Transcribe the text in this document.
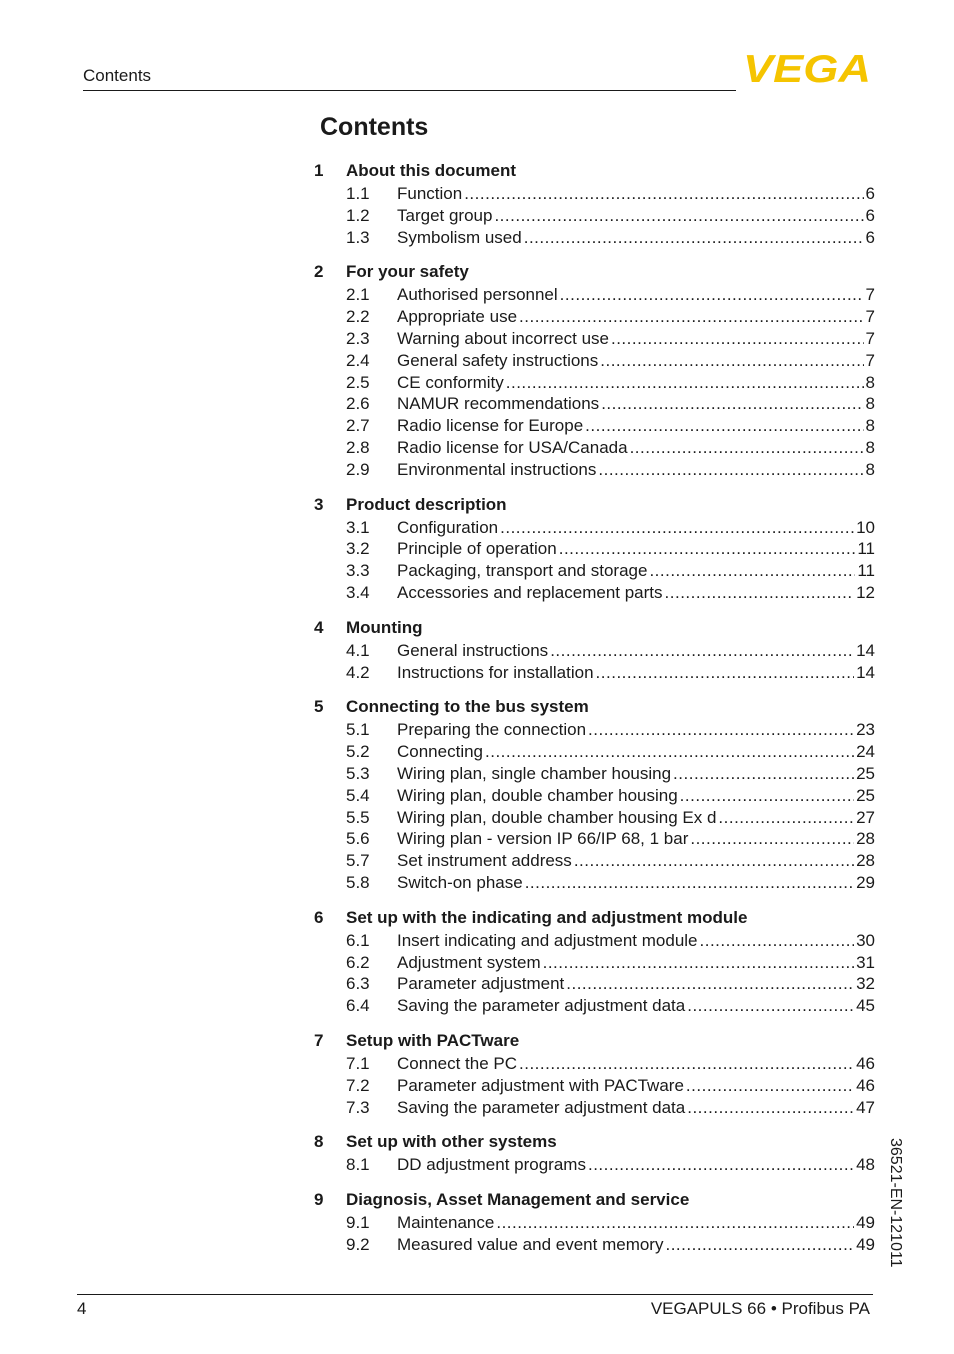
Contents	VEGA
Contents
1	About this document
1.1	Function .....	6
1.2	Target group .....	6
1.3	Symbolism used .....	6
2	For your safety
2.1	Authorised personnel .....	7
2.2	Appropriate use .....	7
2.3	Warning about incorrect use .....	7
2.4	General safety instructions .....	7
2.5	CE conformity .....	8
2.6	NAMUR recommendations .....	8
2.7	Radio license for Europe .....	8
2.8	Radio license for USA/Canada .....	8
2.9	Environmental instructions .....	8
3	Product description
3.1	Configuration .....	10
3.2	Principle of operation .....	11
3.3	Packaging, transport and storage .....	11
3.4	Accessories and replacement parts .....	12
4	Mounting
4.1	General instructions .....	14
4.2	Instructions for installation .....	14
5	Connecting to the bus system
5.1	Preparing the connection .....	23
5.2	Connecting .....	24
5.3	Wiring plan, single chamber housing .....	25
5.4	Wiring plan, double chamber housing .....	25
5.5	Wiring plan, double chamber housing Ex d .....	27
5.6	Wiring plan - version IP 66/IP 68, 1 bar .....	28
5.7	Set instrument address .....	28
5.8	Switch-on phase .....	29
6	Set up with the indicating and adjustment module
6.1	Insert indicating and adjustment module .....	30
6.2	Adjustment system .....	31
6.3	Parameter adjustment .....	32
6.4	Saving the parameter adjustment data .....	45
7	Setup with PACTware
7.1	Connect the PC .....	46
7.2	Parameter adjustment with PACTware .....	46
7.3	Saving the parameter adjustment data .....	47
8	Set up with other systems
8.1	DD adjustment programs .....	48
9	Diagnosis, Asset Management and service
9.1	Maintenance .....	49
9.2	Measured value and event memory .....	49 36521-EN-121011
4	VEGAPULS 66 • Profibus PA
